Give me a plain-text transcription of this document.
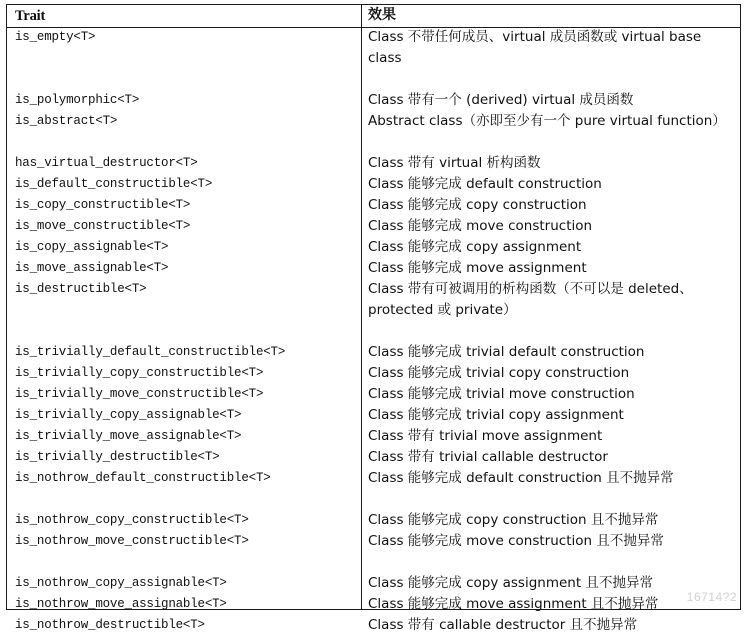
Trait	效果
is_empty<T>	Class 不带任何成员、virtual 成员函数或 virtual base class
is_polymorphic<T>	Class 带有一个 (derived) virtual 成员函数
is_abstract<T>	Abstract class（亦即至少有一个 pure virtual function）
has_virtual_destructor<T>	Class 带有 virtual 析构函数
is_default_constructible<T>	Class 能够完成 default construction
is_copy_constructible<T>	Class 能够完成 copy construction
is_move_constructible<T>	Class 能够完成 move construction
is_copy_assignable<T>	Class 能够完成 copy assignment
is_move_assignable<T>	Class 能够完成 move assignment
is_destructible<T>	Class 带有可被调用的析构函数（不可以是 deleted、protected 或 private）
is_trivially_default_constructible<T>	Class 能够完成 trivial default construction
is_trivially_copy_constructible<T>	Class 能够完成 trivial copy construction
is_trivially_move_constructible<T>	Class 能够完成 trivial move construction
is_trivially_copy_assignable<T>	Class 能够完成 trivial copy assignment
is_trivially_move_assignable<T>	Class 带有 trivial move assignment
is_trivially_destructible<T>	Class 带有 trivial callable destructor
is_nothrow_default_constructible<T>	Class 能够完成 default construction 且不抛异常
is_nothrow_copy_constructible<T>	Class 能够完成 copy construction 且不抛异常
is_nothrow_move_constructible<T>	Class 能够完成 move construction 且不抛异常
is_nothrow_copy_assignable<T>	Class 能够完成 copy assignment 且不抛异常
is_nothrow_move_assignable<T>	Class 能够完成 move assignment 且不抛异常
is_nothrow_destructible<T>	Class 带有 callable destructor 且不抛异常
16714?2
